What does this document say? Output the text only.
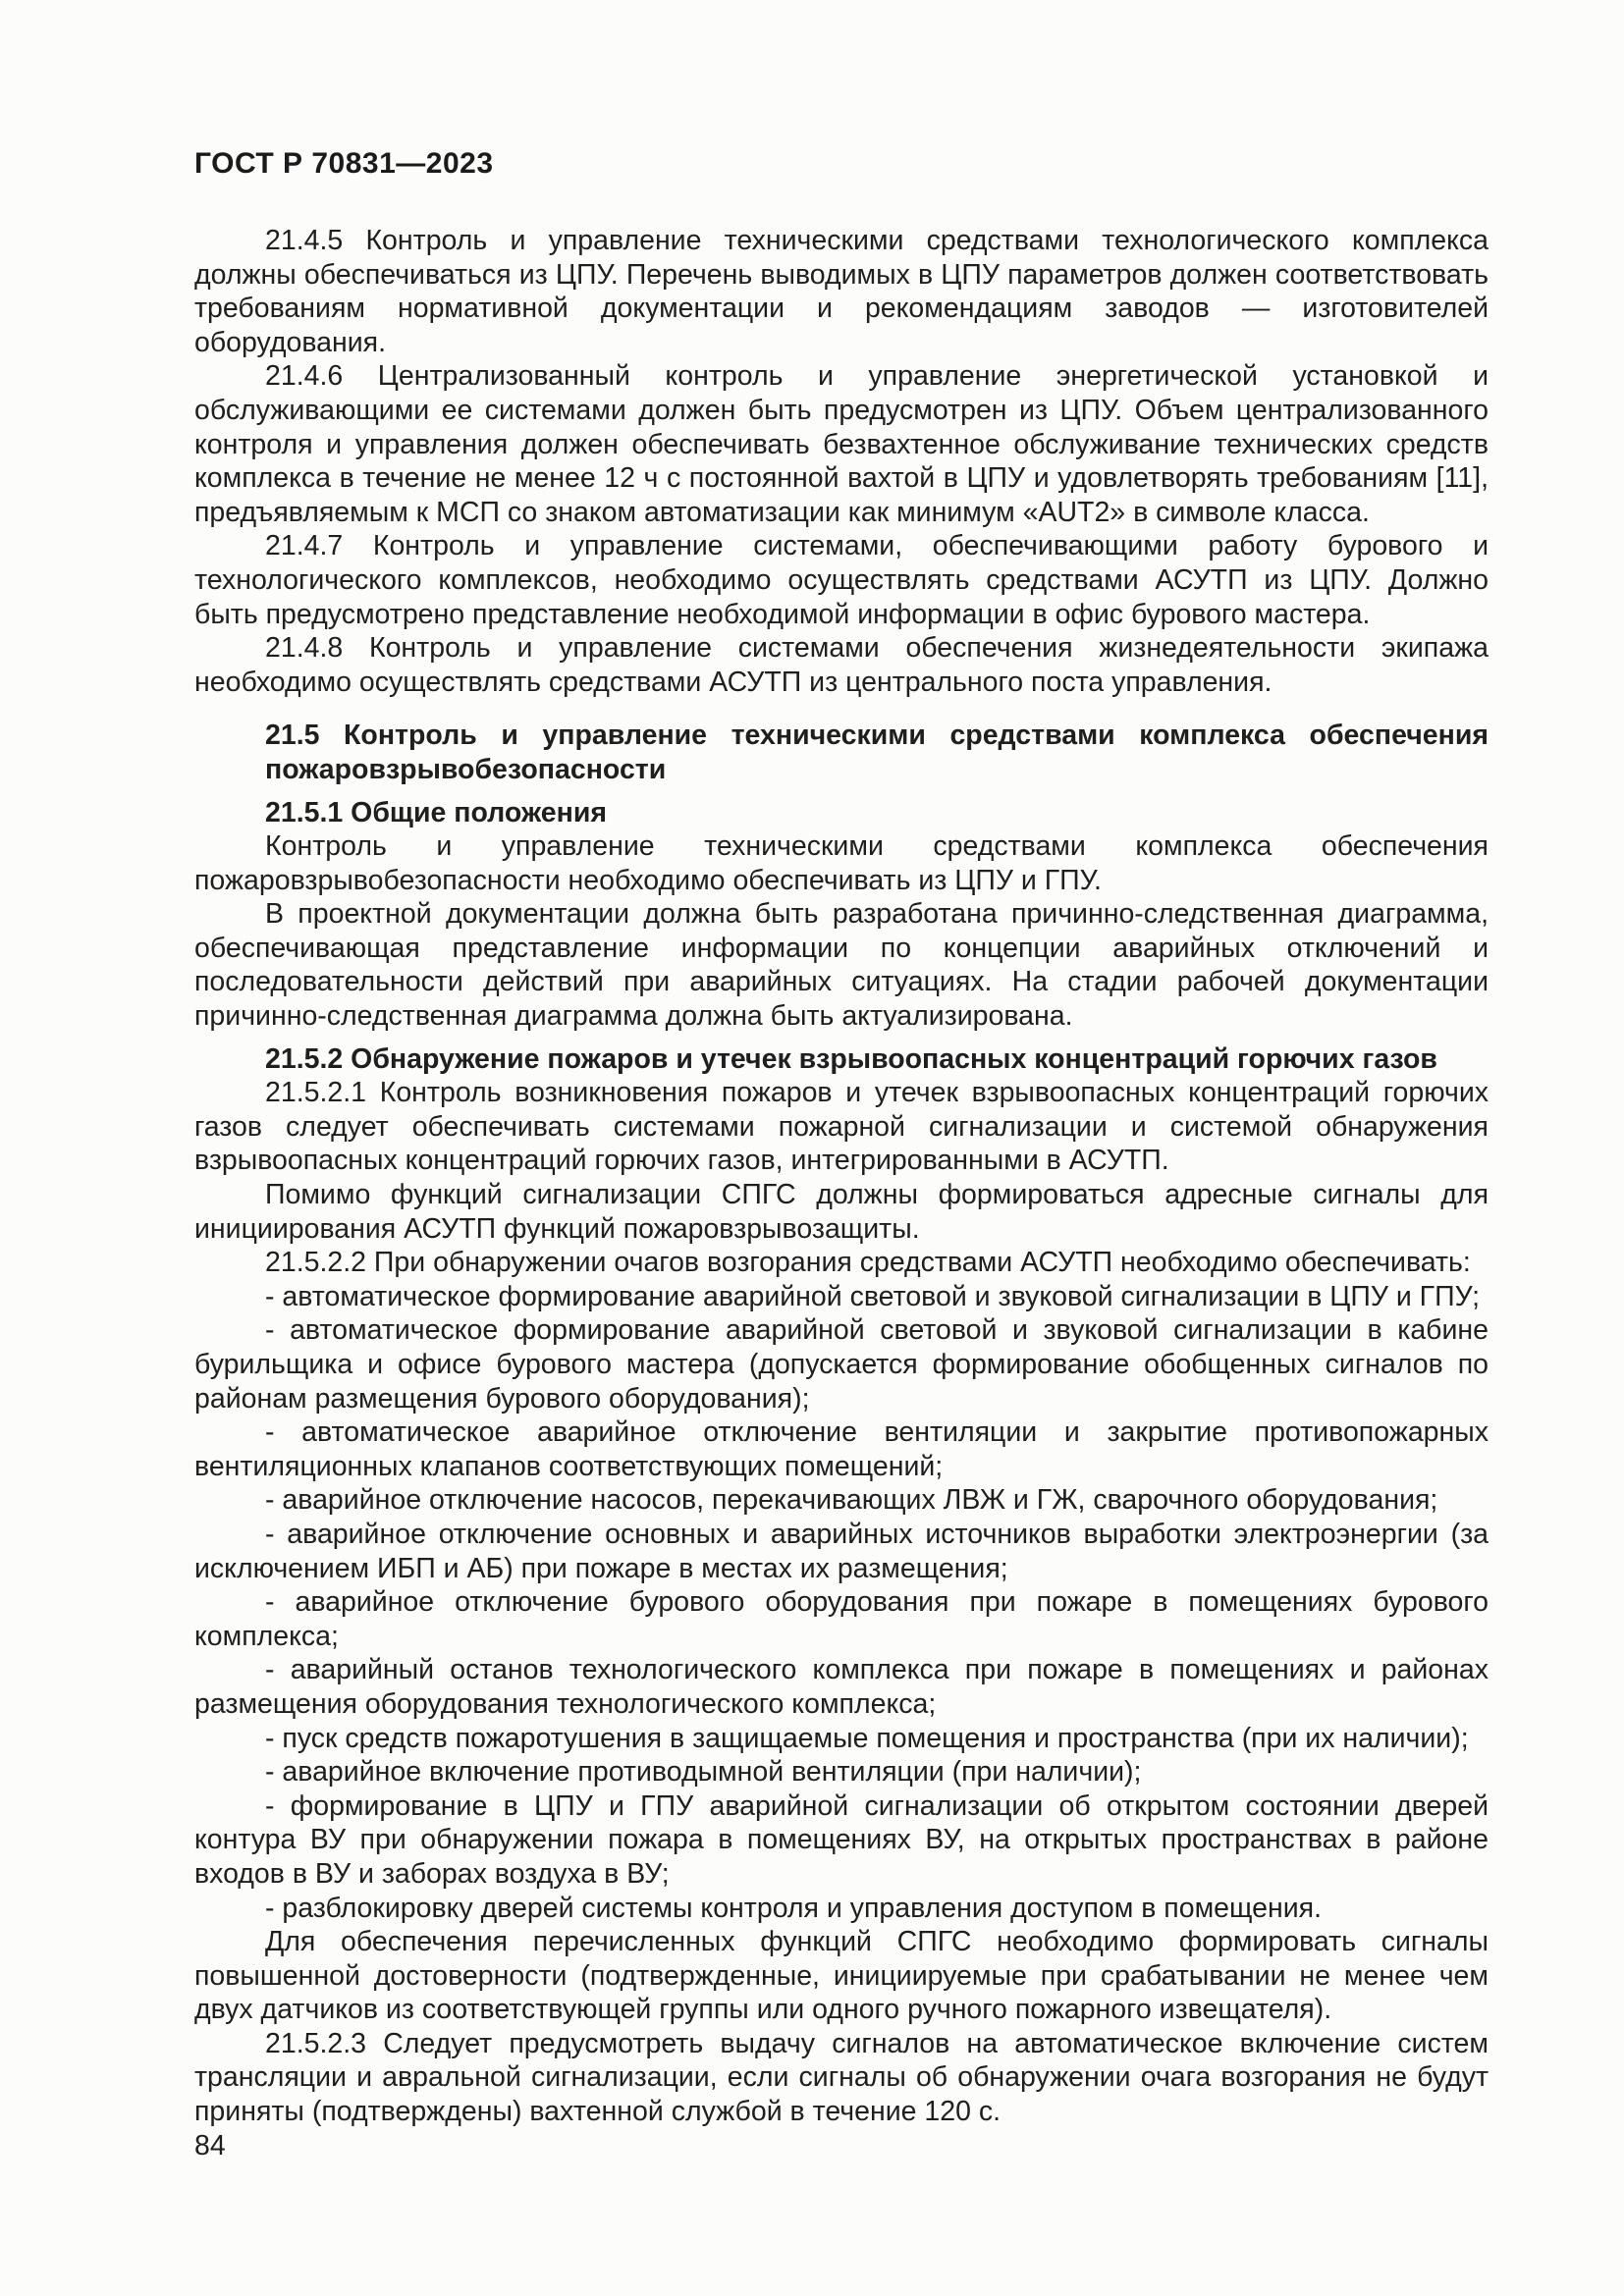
ГОСТ Р 70831—2023

21.4.5 Контроль и управление техническими средствами технологического комплекса должны обеспечиваться из ЦПУ. Перечень выводимых в ЦПУ параметров должен соответствовать требованиям нормативной документации и рекомендациям заводов — изготовителей оборудования.

21.4.6 Централизованный контроль и управление энергетической установкой и обслуживающими ее системами должен быть предусмотрен из ЦПУ. Объем централизованного контроля и управления должен обеспечивать безвахтенное обслуживание технических средств комплекса в течение не менее 12 ч с постоянной вахтой в ЦПУ и удовлетворять требованиям [11], предъявляемым к МСП со знаком автоматизации как минимум «AUT2» в символе класса.

21.4.7 Контроль и управление системами, обеспечивающими работу бурового и технологического комплексов, необходимо осуществлять средствами АСУТП из ЦПУ. Должно быть предусмотрено представление необходимой информации в офис бурового мастера.

21.4.8 Контроль и управление системами обеспечения жизнедеятельности экипажа необходимо осуществлять средствами АСУТП из центрального поста управления.

21.5 Контроль и управление техническими средствами комплекса обеспечения пожаровзрывобезопасности
21.5.1 Общие положения

Контроль и управление техническими средствами комплекса обеспечения пожаровзрывобезопасности необходимо обеспечивать из ЦПУ и ГПУ.

В проектной документации должна быть разработана причинно-следственная диаграмма, обеспечивающая представление информации по концепции аварийных отключений и последовательности действий при аварийных ситуациях. На стадии рабочей документации причинно-следственная диаграмма должна быть актуализирована.

21.5.2 Обнаружение пожаров и утечек взрывоопасных концентраций горючих газов

21.5.2.1 Контроль возникновения пожаров и утечек взрывоопасных концентраций горючих газов следует обеспечивать системами пожарной сигнализации и системой обнаружения взрывоопасных концентраций горючих газов, интегрированными в АСУТП.

Помимо функций сигнализации СПГС должны формироваться адресные сигналы для инициирования АСУТП функций пожаровзрывозащиты.

21.5.2.2 При обнаружении очагов возгорания средствами АСУТП необходимо обеспечивать:

- автоматическое формирование аварийной световой и звуковой сигнализации в ЦПУ и ГПУ;

- автоматическое формирование аварийной световой и звуковой сигнализации в кабине бурильщика и офисе бурового мастера (допускается формирование обобщенных сигналов по районам размещения бурового оборудования);

- автоматическое аварийное отключение вентиляции и закрытие противопожарных вентиляционных клапанов соответствующих помещений;

- аварийное отключение насосов, перекачивающих ЛВЖ и ГЖ, сварочного оборудования;

- аварийное отключение основных и аварийных источников выработки электроэнергии (за исключением ИБП и АБ) при пожаре в местах их размещения;

- аварийное отключение бурового оборудования при пожаре в помещениях бурового комплекса;

- аварийный останов технологического комплекса при пожаре в помещениях и районах размещения оборудования технологического комплекса;

- пуск средств пожаротушения в защищаемые помещения и пространства (при их наличии);

- аварийное включение противодымной вентиляции (при наличии);

- формирование в ЦПУ и ГПУ аварийной сигнализации об открытом состоянии дверей контура ВУ при обнаружении пожара в помещениях ВУ, на открытых пространствах в районе входов в ВУ и заборах воздуха в ВУ;

- разблокировку дверей системы контроля и управления доступом в помещения.

Для обеспечения перечисленных функций СПГС необходимо формировать сигналы повышенной достоверности (подтвержденные, инициируемые при срабатывании не менее чем двух датчиков из соответствующей группы или одного ручного пожарного извещателя).

21.5.2.3 Следует предусмотреть выдачу сигналов на автоматическое включение систем трансляции и авральной сигнализации, если сигналы об обнаружении очага возгорания не будут приняты (подтверждены) вахтенной службой в течение 120 с.

84
